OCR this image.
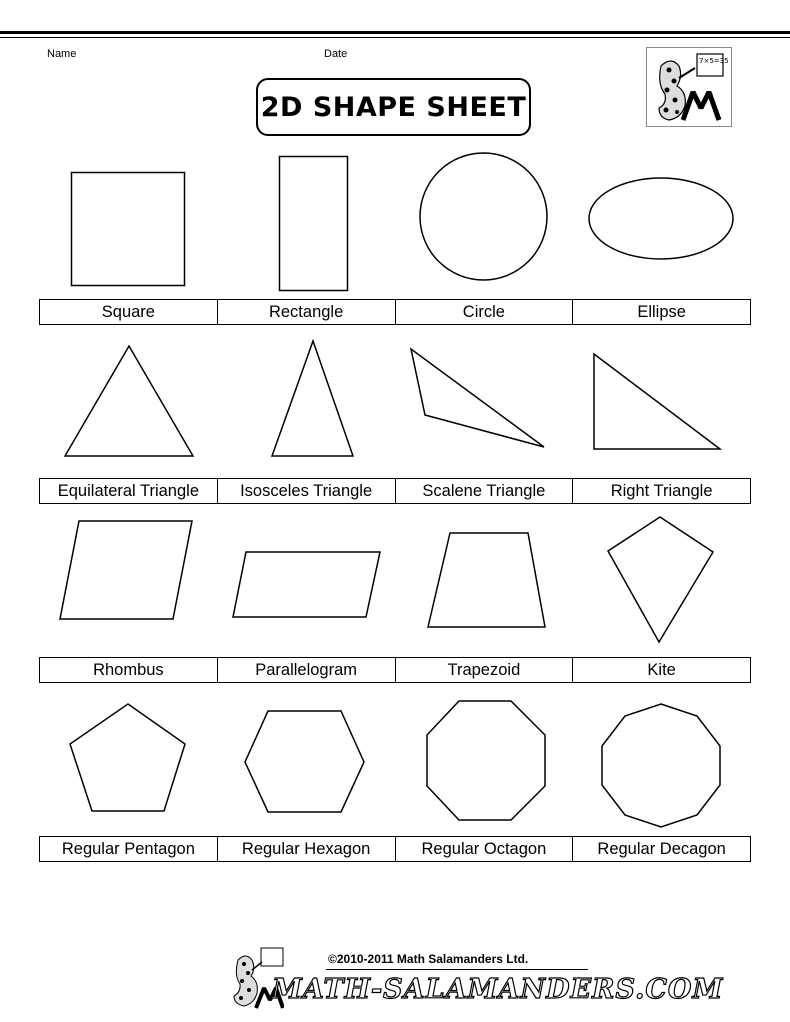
Name	Date
2D SHAPE SHEET
7×5=35
Square	Rectangle	Circle	Ellipse
Equilateral Triangle	Isosceles Triangle	Scalene Triangle	Right Triangle
Rhombus	Parallelogram	Trapezoid	Kite
Regular Pentagon	Regular Hexagon	Regular Octagon	Regular Decagon
©2010-2011 Math Salamanders Ltd.
MATH-SALAMANDERS.COM
